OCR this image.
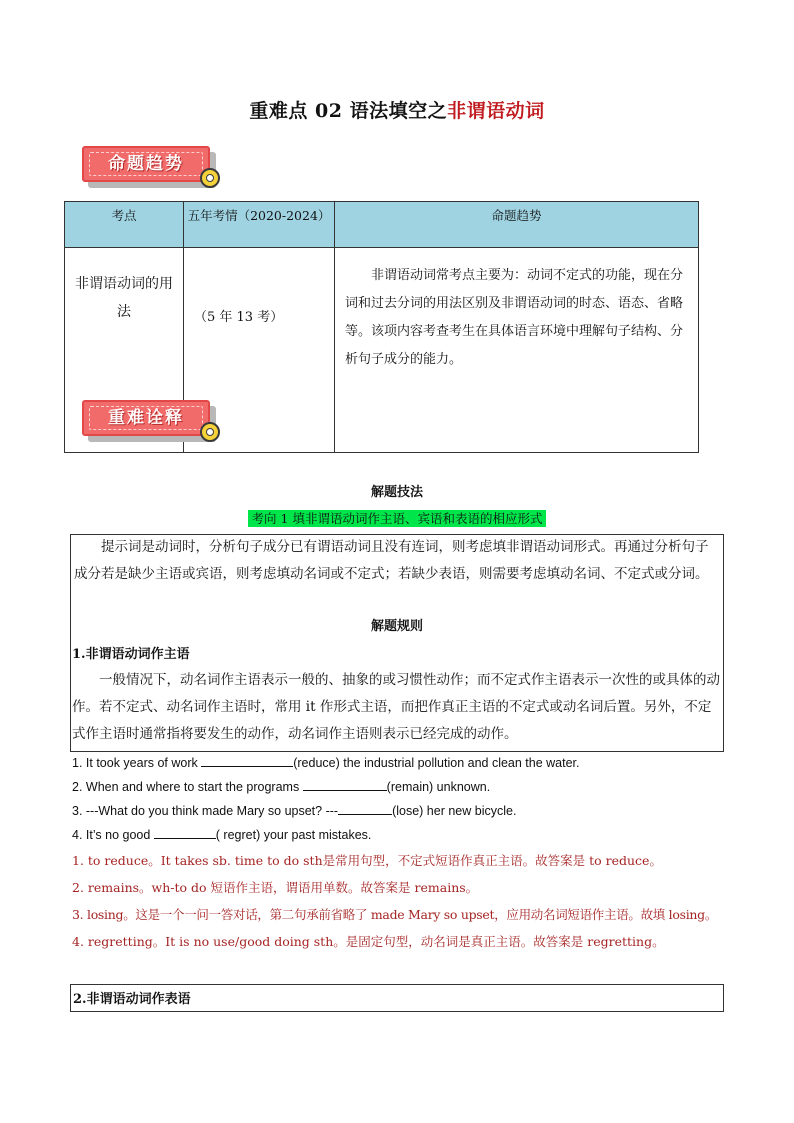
重难点 02 语法填空之非谓语动词
命题趋势
考点	五年考情（2020-2024）	命题趋势
非谓语动词的用法	（5 年 13 考）	非谓语动词常考点主要为：动词不定式的功能，现在分词和过去分词的用法区别及非谓语动词的时态、语态、省略等。该项内容考查考生在具体语言环境中理解句子结构、分析句子成分的能力。
重难诠释
解题技法
考向 1 填非谓语动词作主语、宾语和表语的相应形式
提示词是动词时，分析句子成分已有谓语动词且没有连词，则考虑填非谓语动词形式。再通过分析句子成分若是缺少主语或宾语，则考虑填动名词或不定式；若缺少表语，则需要考虑填动名词、不定式或分词。
解题规则
1.非谓语动词作主语
一般情况下，动名词作主语表示一般的、抽象的或习惯性动作；而不定式作主语表示一次性的或具体的动作。若不定式、动名词作主语时，常用 it 作形式主语，而把作真正主语的不定式或动名词后置。另外，不定式作主语时通常指将要发生的动作，动名词作主语则表示已经完成的动作。
1. It took years of work	(reduce) the industrial pollution and clean the water.
2. When and where to start the programs	(remain) unknown.
3. ---What do you think made Mary so upset? ---	(lose) her new bicycle.
4. It’s no good	( regret) your past mistakes.
1. to reduce。It takes sb. time to do sth是常用句型，不定式短语作真正主语。故答案是 to reduce。
2. remains。wh-to do 短语作主语，谓语用单数。故答案是 remains。
3. losing。这是一个一问一答对话，第二句承前省略了 made Mary so upset，应用动名词短语作主语。故填 losing。
4. regretting。It is no use/good doing sth。是固定句型，动名词是真正主语。故答案是 regretting。
2.非谓语动词作表语
